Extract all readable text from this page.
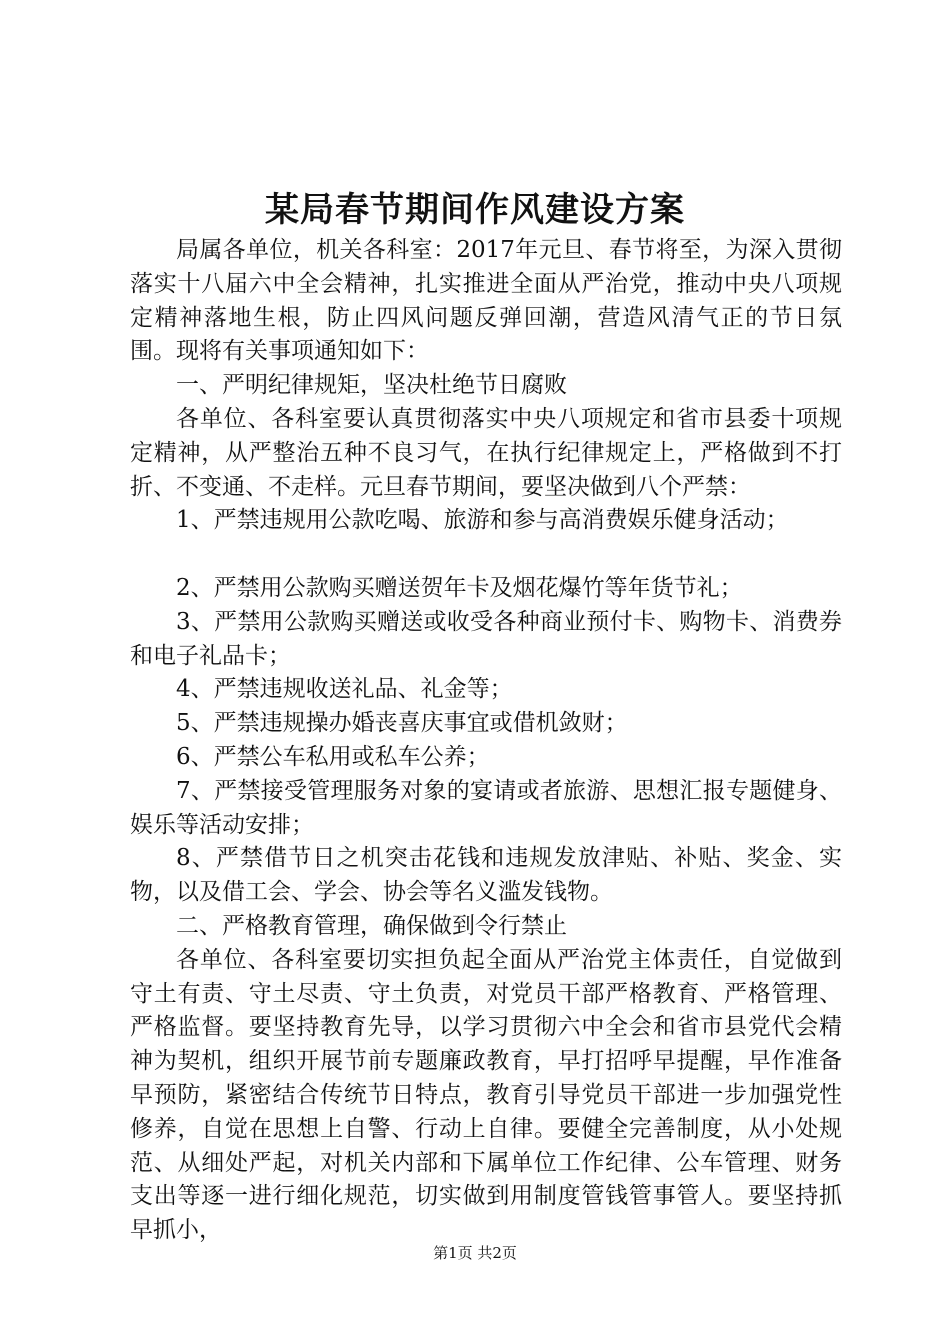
某局春节期间作风建设方案

局属各单位，机关各科室：2017年元旦、春节将至，为深入贯彻落实十八届六中全会精神，扎实推进全面从严治党，推动中央八项规定精神落地生根，防止四风问题反弹回潮，营造风清气正的节日氛围。现将有关事项通知如下：

一、严明纪律规矩，坚决杜绝节日腐败

各单位、各科室要认真贯彻落实中央八项规定和省市县委十项规定精神，从严整治五种不良习气，在执行纪律规定上，严格做到不打折、不变通、不走样。元旦春节期间，要坚决做到八个严禁：

1、严禁违规用公款吃喝、旅游和参与高消费娱乐健身活动；

2、严禁用公款购买赠送贺年卡及烟花爆竹等年货节礼；

3、严禁用公款购买赠送或收受各种商业预付卡、购物卡、消费券和电子礼品卡；

4、严禁违规收送礼品、礼金等；

5、严禁违规操办婚丧喜庆事宜或借机敛财；

6、严禁公车私用或私车公养；

7、严禁接受管理服务对象的宴请或者旅游、思想汇报专题健身、娱乐等活动安排；

8、严禁借节日之机突击花钱和违规发放津贴、补贴、奖金、实物，以及借工会、学会、协会等名义滥发钱物。

二、严格教育管理，确保做到令行禁止

各单位、各科室要切实担负起全面从严治党主体责任，自觉做到守土有责、守土尽责、守土负责，对党员干部严格教育、严格管理、严格监督。要坚持教育先导，以学习贯彻六中全会和省市县党代会精神为契机，组织开展节前专题廉政教育，早打招呼早提醒，早作准备早预防，紧密结合传统节日特点，教育引导党员干部进一步加强党性修养，自觉在思想上自警、行动上自律。要健全完善制度，从小处规范、从细处严起，对机关内部和下属单位工作纪律、公车管理、财务支出等逐一进行细化规范，切实做到用制度管钱管事管人。要坚持抓早抓小，

第1页 共2页
